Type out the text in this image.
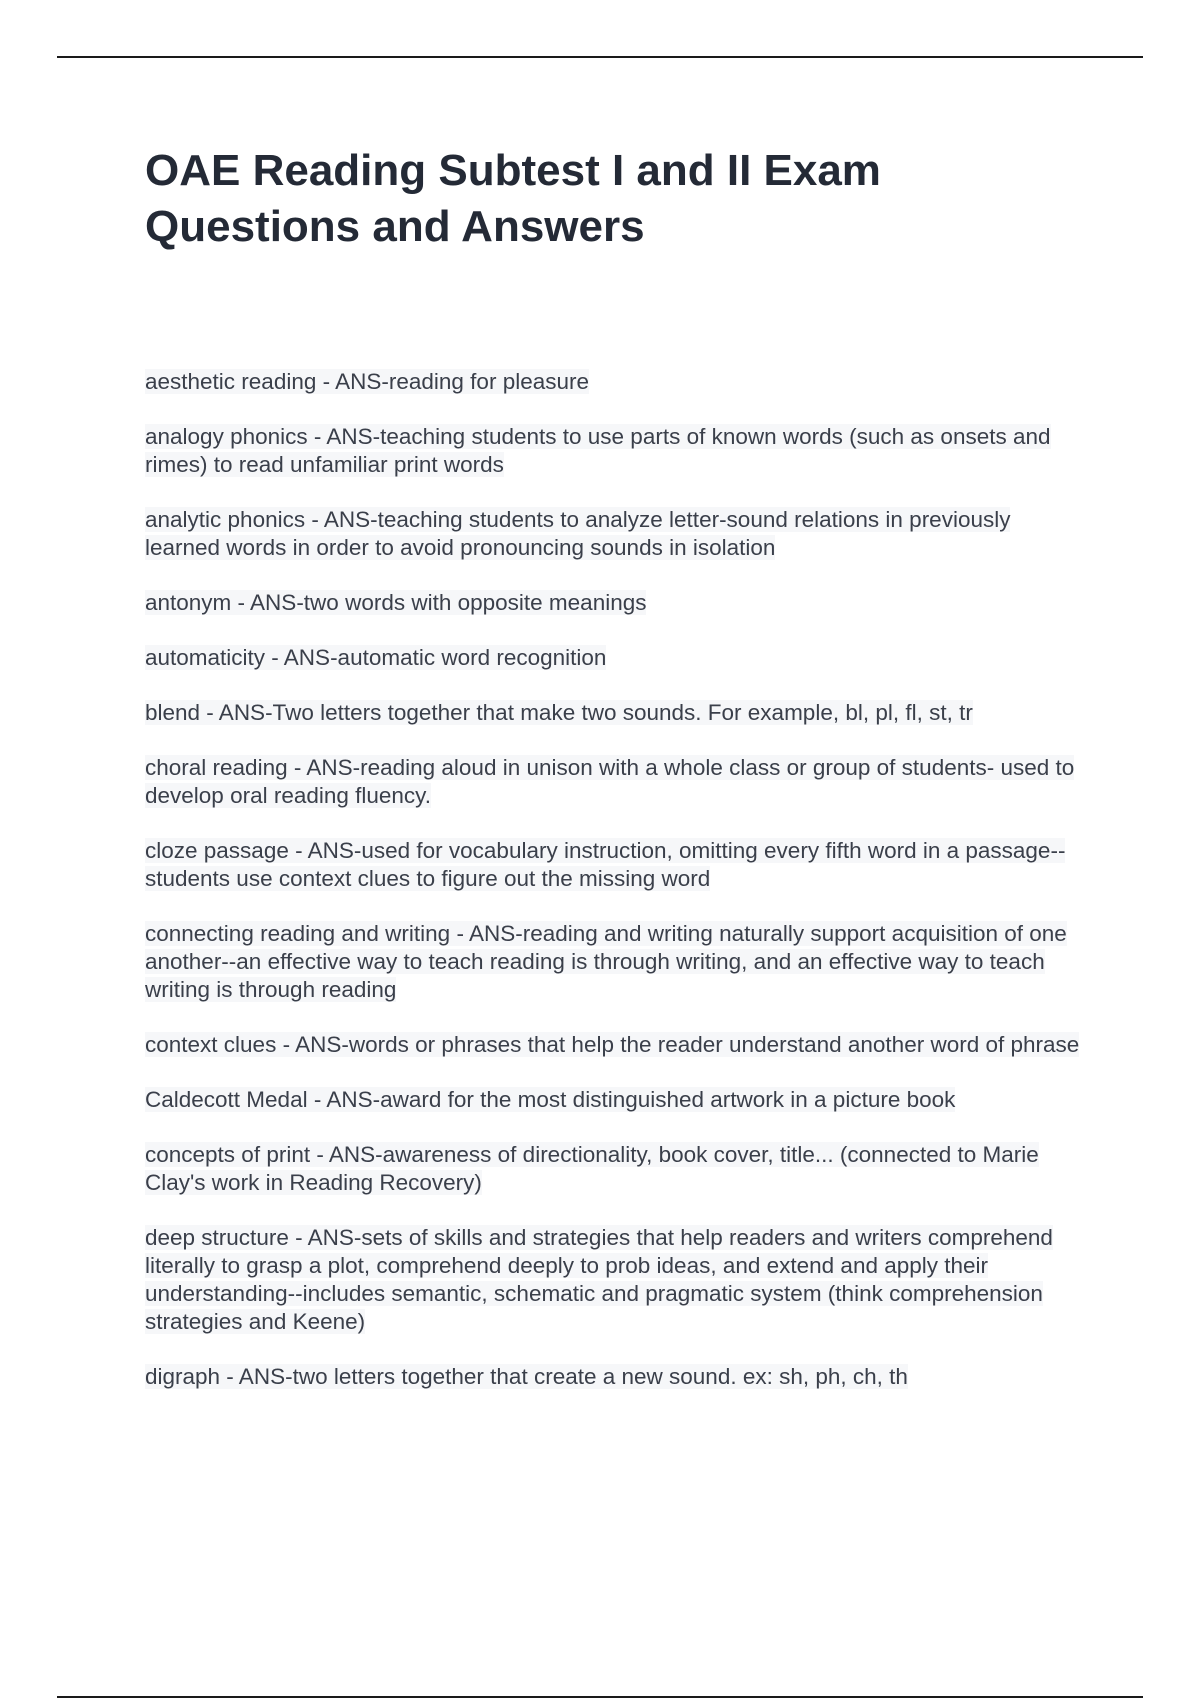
OAE Reading Subtest I and II Exam Questions and Answers

aesthetic reading - ANS-reading for pleasure

analogy phonics - ANS-teaching students to use parts of known words (such as onsets and rimes) to read unfamiliar print words

analytic phonics - ANS-teaching students to analyze letter-sound relations in previously learned words in order to avoid pronouncing sounds in isolation

antonym - ANS-two words with opposite meanings

automaticity - ANS-automatic word recognition

blend - ANS-Two letters together that make two sounds. For example, bl, pl, fl, st, tr

choral reading - ANS-reading aloud in unison with a whole class or group of students- used to develop oral reading fluency.

cloze passage - ANS-used for vocabulary instruction, omitting every fifth word in a passage--students use context clues to figure out the missing word

connecting reading and writing - ANS-reading and writing naturally support acquisition of one another--an effective way to teach reading is through writing, and an effective way to teach writing is through reading

context clues - ANS-words or phrases that help the reader understand another word of phrase

Caldecott Medal - ANS-award for the most distinguished artwork in a picture book

concepts of print - ANS-awareness of directionality, book cover, title... (connected to Marie Clay's work in Reading Recovery)

deep structure - ANS-sets of skills and strategies that help readers and writers comprehend literally to grasp a plot, comprehend deeply to prob ideas, and extend and apply their understanding--includes semantic, schematic and pragmatic system (think comprehension strategies and Keene)

digraph - ANS-two letters together that create a new sound. ex: sh, ph, ch, th
